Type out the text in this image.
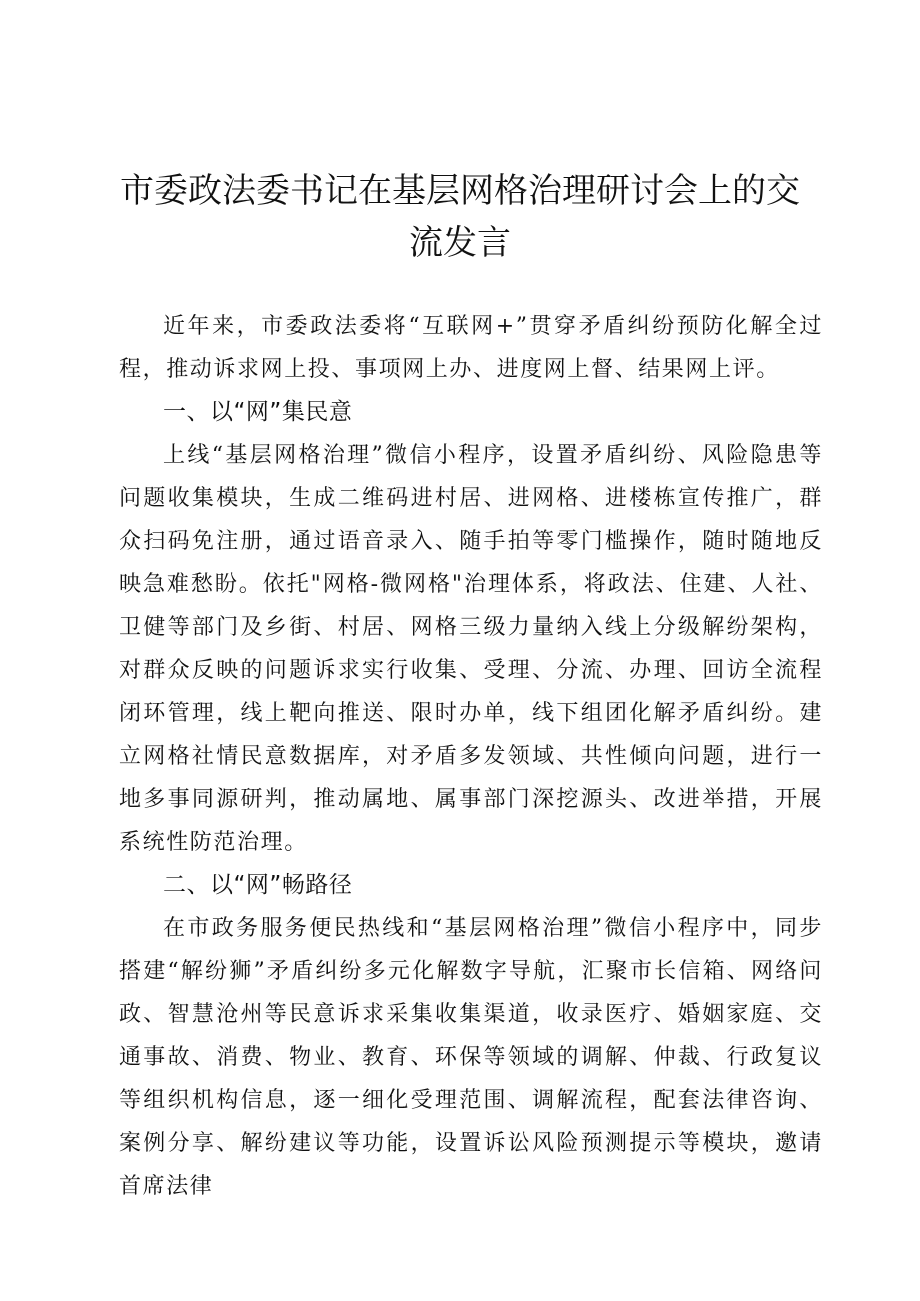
市委政法委书记在基层网格治理研讨会上的交
流发言

近年来，市委政法委将“互联网+”贯穿矛盾纠纷预防化解全过程，推动诉求网上投、事项网上办、进度网上督、结果网上评。

一、以“网”集民意

上线“基层网格治理”微信小程序，设置矛盾纠纷、风险隐患等问题收集模块，生成二维码进村居、进网格、进楼栋宣传推广，群众扫码免注册，通过语音录入、随手拍等零门槛操作，随时随地反映急难愁盼。依托"网格-微网格"治理体系，将政法、住建、人社、卫健等部门及乡街、村居、网格三级力量纳入线上分级解纷架构，对群众反映的问题诉求实行收集、受理、分流、办理、回访全流程闭环管理，线上靶向推送、限时办单，线下组团化解矛盾纠纷。建立网格社情民意数据库，对矛盾多发领域、共性倾向问题，进行一地多事同源研判，推动属地、属事部门深挖源头、改进举措，开展系统性防范治理。

二、以“网”畅路径

在市政务服务便民热线和“基层网格治理”微信小程序中，同步搭建“解纷狮”矛盾纠纷多元化解数字导航，汇聚市长信箱、网络问政、智慧沧州等民意诉求采集收集渠道，收录医疗、婚姻家庭、交通事故、消费、物业、教育、环保等领域的调解、仲裁、行政复议等组织机构信息，逐一细化受理范围、调解流程，配套法律咨询、案例分享、解纷建议等功能，设置诉讼风险预测提示等模块，邀请首席法律
